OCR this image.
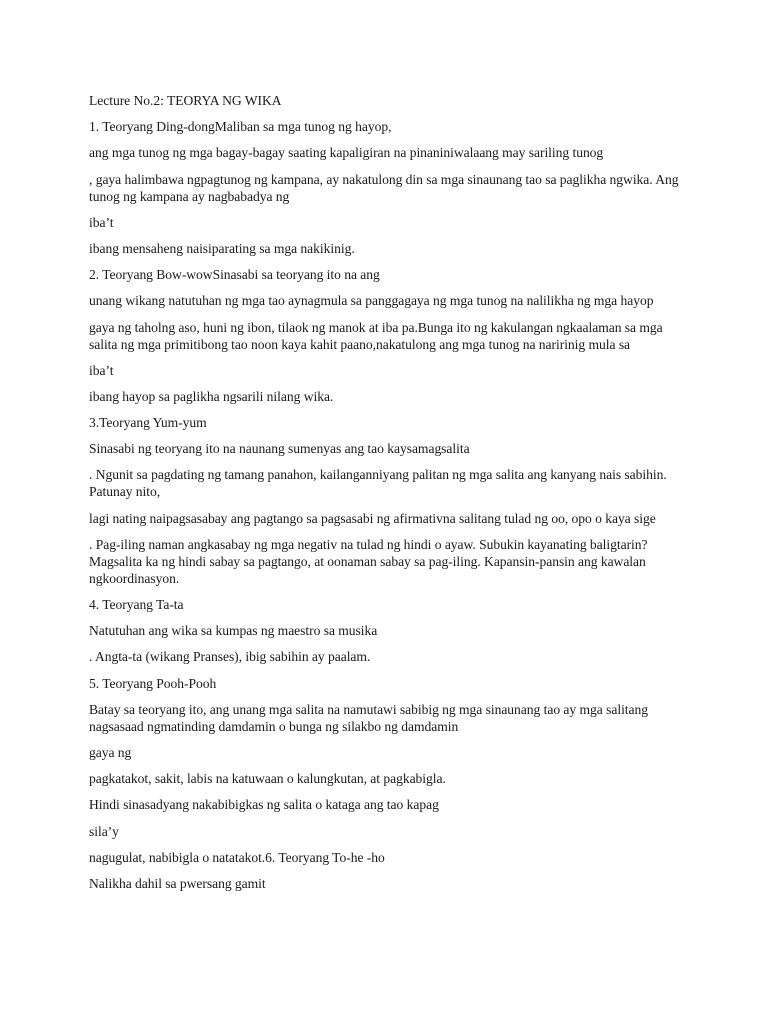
Lecture No.2: TEORYA NG WIKA

1. Teoryang Ding-dongMaliban sa mga tunog ng hayop,

ang mga tunog ng mga bagay-bagay saating kapaligiran na pinaniniwalaang may sariling tunog

, gaya halimbawa ngpagtunog ng kampana, ay nakatulong din sa mga sinaunang tao sa paglikha ngwika. Ang tunog ng kampana ay nagbabadya ng

iba’t

ibang mensaheng naisiparating sa mga nakikinig.

2. Teoryang Bow-wowSinasabi sa teoryang ito na ang

unang wikang natutuhan ng mga tao aynagmula sa panggagaya ng mga tunog na nalilikha ng mga hayop

gaya ng taholng aso, huni ng ibon, tilaok ng manok at iba pa.Bunga ito ng kakulangan ngkaalaman sa mga salita ng mga primitibong tao noon kaya kahit paano,nakatulong ang mga tunog na naririnig mula sa

iba’t

ibang hayop sa paglikha ngsarili nilang wika.

3.Teoryang Yum-yum

Sinasabi ng teoryang ito na naunang sumenyas ang tao kaysamagsalita

. Ngunit sa pagdating ng tamang panahon, kailanganniyang palitan ng mga salita ang kanyang nais sabihin. Patunay nito,

lagi nating naipagsasabay ang pagtango sa pagsasabi ng afirmativna salitang tulad ng oo, opo o kaya sige

. Pag-iling naman angkasabay ng mga negativ na tulad ng hindi o ayaw. Subukin kayanating baligtarin?Magsalita ka ng hindi sabay sa pagtango, at oonaman sabay sa pag-iling. Kapansin-pansin ang kawalan ngkoordinasyon.

4. Teoryang Ta-ta

Natutuhan ang wika sa kumpas ng maestro sa musika

. Angta-ta (wikang Pranses), ibig sabihin ay paalam.

5. Teoryang Pooh-Pooh

Batay sa teoryang ito, ang unang mga salita na namutawi sabibig ng mga sinaunang tao ay mga salitang nagsasaad ngmatinding damdamin o bunga ng silakbo ng damdamin

gaya ng

pagkatakot, sakit, labis na katuwaan o kalungkutan, at pagkabigla.

Hindi sinasadyang nakabibigkas ng salita o kataga ang tao kapag

sila’y

nagugulat, nabibigla o natatakot.6. Teoryang To-he -ho

Nalikha dahil sa pwersang gamit
